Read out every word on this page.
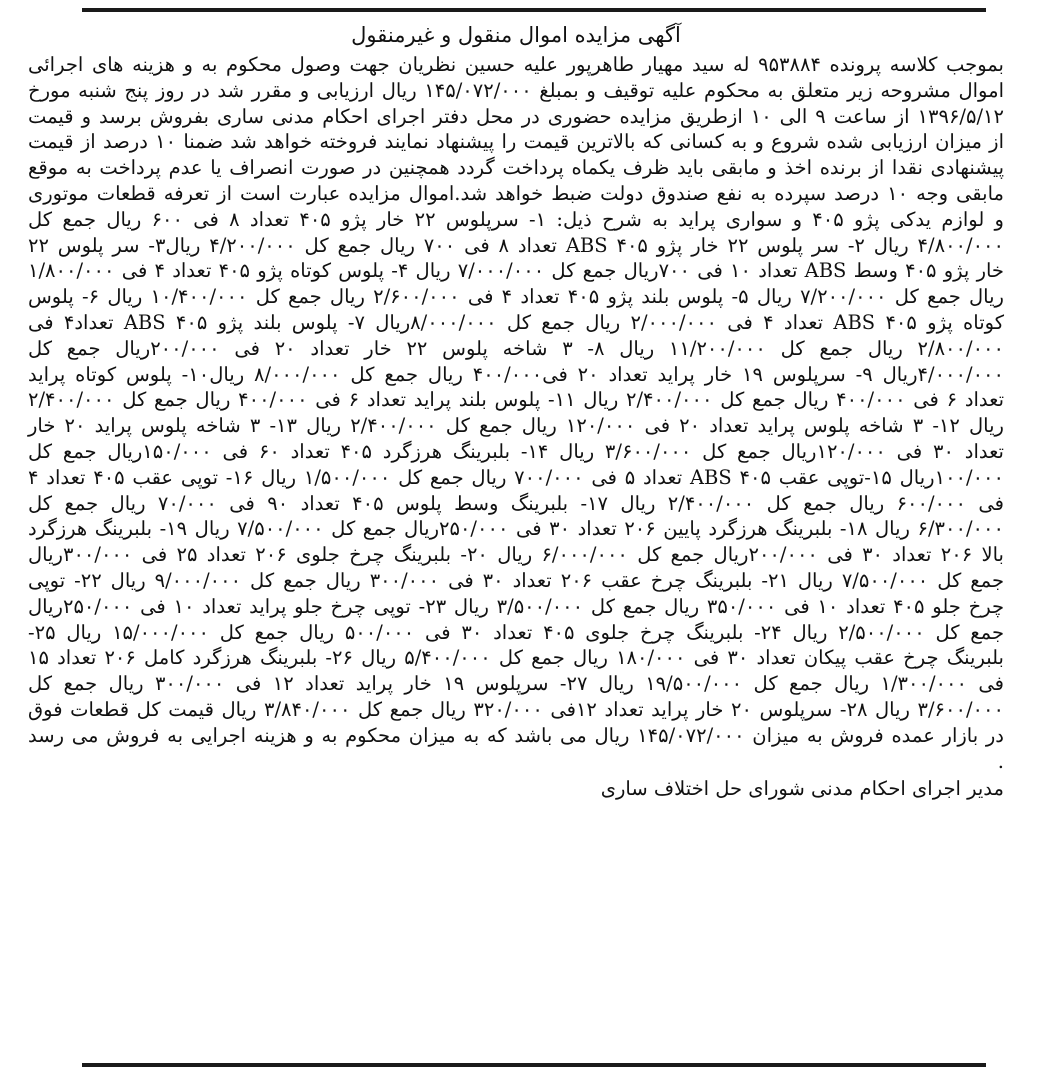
آگهی مزایده اموال منقول و غیرمنقول

بموجب کلاسه پرونده ۹۵۳۸۸۴ له سید مهیار طاهرپور علیه حسین نظریان جهت وصول محکوم به و هزینه های اجرائی اموال مشروحه زیر متعلق به محکوم علیه توقیف و بمبلغ ۱۴۵/۰۷۲/۰۰۰ ریال ارزیابی و مقرر شد در روز پنج شنبه مورخ ۱۳۹۶/۵/۱۲ از ساعت ۹ الی ۱۰ ازطریق مزایده حضوری در محل دفتر اجرای احکام مدنی ساری بفروش برسد و قیمت از میزان ارزیابی شده شروع و به کسانی که بالاترین قیمت را پیشنهاد نمایند فروخته خواهد شد ضمنا ۱۰ درصد از قیمت پیشنهادی نقدا از برنده اخذ و مابقی باید ظرف یکماه پرداخت گردد همچنین در صورت انصراف یا عدم پرداخت به موقع مابقی وجه ۱۰ درصد سپرده به نفع صندوق دولت ضبط خواهد شد.اموال مزایده عبارت است از تعرفه قطعات موتوری و لوازم یدکی پژو ۴۰۵ و سواری پراید به شرح ذیل: ۱- سرپلوس ۲۲ خار پژو ۴۰۵ تعداد ۸ فی ۶۰۰ ریال جمع کل ۴/۸۰۰/۰۰۰ ریال ۲- سر پلوس ۲۲ خار پژو ۴۰۵ ABS تعداد ۸ فی ۷۰۰ ریال جمع کل ۴/۲۰۰/۰۰۰ ریال۳- سر پلوس ۲۲ خار پژو ۴۰۵ وسط ABS تعداد ۱۰ فی ۷۰۰ریال جمع کل ۷/۰۰۰/۰۰۰ ریال ۴- پلوس کوتاه پژو ۴۰۵ تعداد ۴ فی ۱/۸۰۰/۰۰۰ ریال جمع کل ۷/۲۰۰/۰۰۰ ریال ۵- پلوس بلند پژو ۴۰۵ تعداد ۴ فی ۲/۶۰۰/۰۰۰ ریال جمع کل ۱۰/۴۰۰/۰۰۰ ریال ۶- پلوس کوتاه پژو ۴۰۵ ABS تعداد ۴ فی ۲/۰۰۰/۰۰۰ ریال جمع کل ۸/۰۰۰/۰۰۰ریال ۷- پلوس بلند پژو ۴۰۵ ABS تعداد۴ فی ۲/۸۰۰/۰۰۰ ریال جمع کل ۱۱/۲۰۰/۰۰۰ ریال ۸- ۳ شاخه پلوس ۲۲ خار تعداد ۲۰ فی ۲۰۰/۰۰۰ریال جمع کل ۴/۰۰۰/۰۰۰ریال ۹- سرپلوس ۱۹ خار پراید تعداد ۲۰ فی۴۰۰/۰۰۰ ریال جمع کل ۸/۰۰۰/۰۰۰ ریال۱۰- پلوس کوتاه پراید تعداد ۶ فی ۴۰۰/۰۰۰ ریال جمع کل ۲/۴۰۰/۰۰۰ ریال ۱۱- پلوس بلند پراید تعداد ۶ فی ۴۰۰/۰۰۰ ریال جمع کل ۲/۴۰۰/۰۰۰ ریال ۱۲- ۳ شاخه پلوس پراید تعداد ۲۰ فی ۱۲۰/۰۰۰ ریال جمع کل ۲/۴۰۰/۰۰۰ ریال ۱۳- ۳ شاخه پلوس پراید ۲۰ خار تعداد ۳۰ فی ۱۲۰/۰۰۰ریال جمع کل ۳/۶۰۰/۰۰۰ ریال ۱۴- بلبرینگ هرزگرد ۴۰۵ تعداد ۶۰ فی ۱۵۰/۰۰۰ریال جمع کل ۱۰۰/۰۰۰ریال ۱۵-توپی عقب ۴۰۵ ABS تعداد ۵ فی ۷۰۰/۰۰۰ ریال جمع کل ۱/۵۰۰/۰۰۰ ریال ۱۶- توپی عقب ۴۰۵ تعداد ۴ فی ۶۰۰/۰۰۰ ریال جمع کل ۲/۴۰۰/۰۰۰ ریال ۱۷- بلبرینگ وسط پلوس ۴۰۵ تعداد ۹۰ فی ۷۰/۰۰۰ ریال جمع کل ۶/۳۰۰/۰۰۰ ریال ۱۸- بلبرینگ هرزگرد پایین ۲۰۶ تعداد ۳۰ فی ۲۵۰/۰۰۰ریال جمع کل ۷/۵۰۰/۰۰۰ ریال ۱۹- بلبرینگ هرزگرد بالا ۲۰۶ تعداد ۳۰ فی ۲۰۰/۰۰۰ریال جمع کل ۶/۰۰۰/۰۰۰ ریال ۲۰- بلبرینگ چرخ جلوی ۲۰۶ تعداد ۲۵ فی ۳۰۰/۰۰۰ریال جمع کل ۷/۵۰۰/۰۰۰ ریال ۲۱- بلبرینگ چرخ عقب ۲۰۶ تعداد ۳۰ فی ۳۰۰/۰۰۰ ریال جمع کل ۹/۰۰۰/۰۰۰ ریال ۲۲- توپی چرخ جلو ۴۰۵ تعداد ۱۰ فی ۳۵۰/۰۰۰ ریال جمع کل ۳/۵۰۰/۰۰۰ ریال ۲۳- توپی چرخ جلو پراید تعداد ۱۰ فی ۲۵۰/۰۰۰ریال جمع کل ۲/۵۰۰/۰۰۰ ریال ۲۴- بلبرینگ چرخ جلوی ۴۰۵ تعداد ۳۰ فی ۵۰۰/۰۰۰ ریال جمع کل ۱۵/۰۰۰/۰۰۰ ریال ۲۵- بلبرینگ چرخ عقب پیکان تعداد ۳۰ فی ۱۸۰/۰۰۰ ریال جمع کل ۵/۴۰۰/۰۰۰ ریال ۲۶- بلبرینگ هرزگرد کامل ۲۰۶ تعداد ۱۵ فی ۱/۳۰۰/۰۰۰ ریال جمع کل ۱۹/۵۰۰/۰۰۰ ریال ۲۷- سرپلوس ۱۹ خار پراید تعداد ۱۲ فی ۳۰۰/۰۰۰ ریال جمع کل ۳/۶۰۰/۰۰۰ ریال ۲۸- سرپلوس ۲۰ خار پراید تعداد ۱۲فی ۳۲۰/۰۰۰ ریال جمع کل ۳/۸۴۰/۰۰۰ ریال قیمت کل قطعات فوق در بازار عمده فروش به میزان ۱۴۵/۰۷۲/۰۰۰ ریال می باشد که به میزان محکوم به و هزینه اجرایی به فروش می رسد .

مدیر اجرای احکام مدنی شورای حل اختلاف ساری
